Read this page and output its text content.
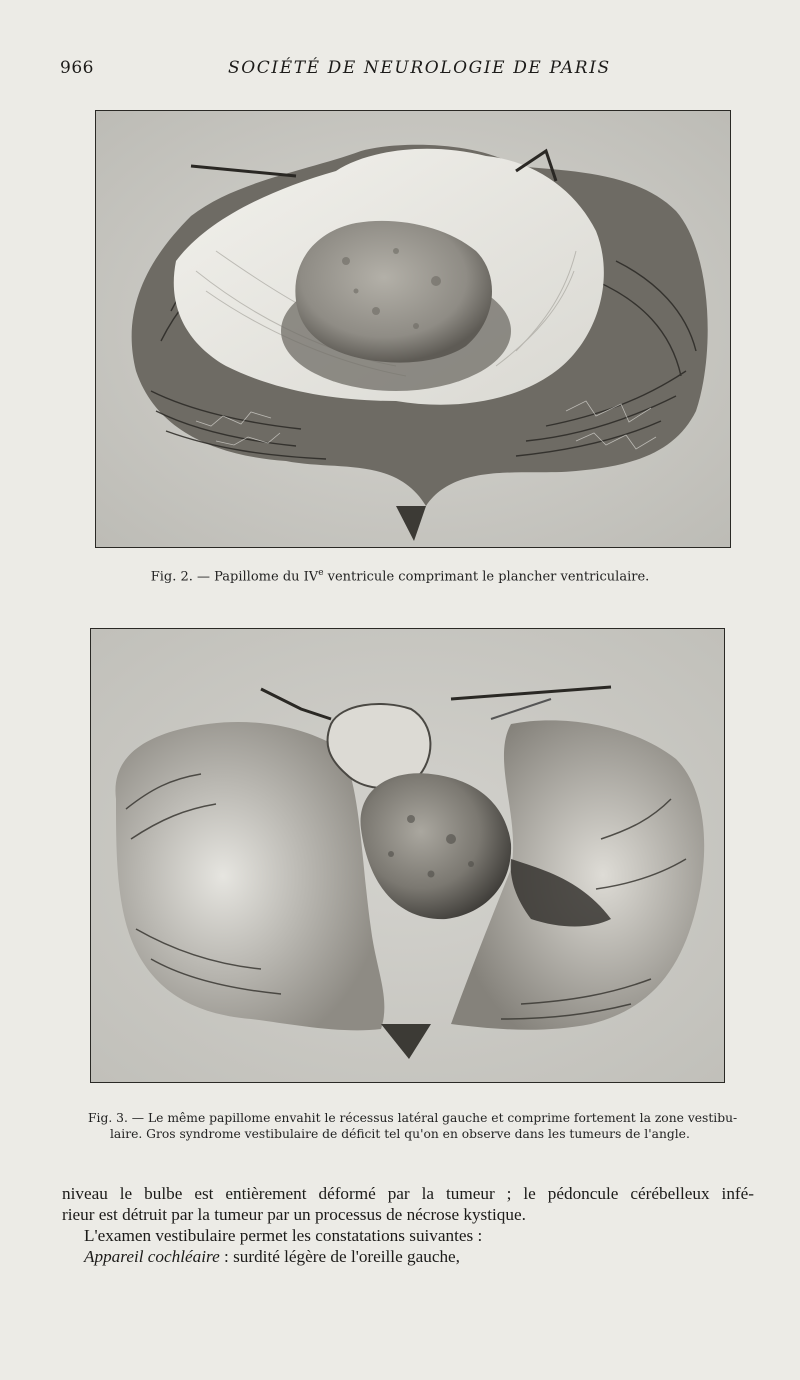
966	SOCIÉTÉ DE NEUROLOGIE DE PARIS
Fig. 2. — Papillome du IVe ventricule comprimant le plancher ventriculaire.
Fig. 3. — Le même papillome envahit le récessus latéral gauche et comprime fortement la zone vestibu-
laire. Gros syndrome vestibulaire de déficit tel qu'on en observe dans les tumeurs de l'angle.

niveau le bulbe est entièrement déformé par la tumeur ; le pédoncule cérébelleux infé-

rieur est détruit par la tumeur par un processus de nécrose kystique.

L'examen vestibulaire permet les constatations suivantes :

Appareil cochléaire : surdité légère de l'oreille gauche,
